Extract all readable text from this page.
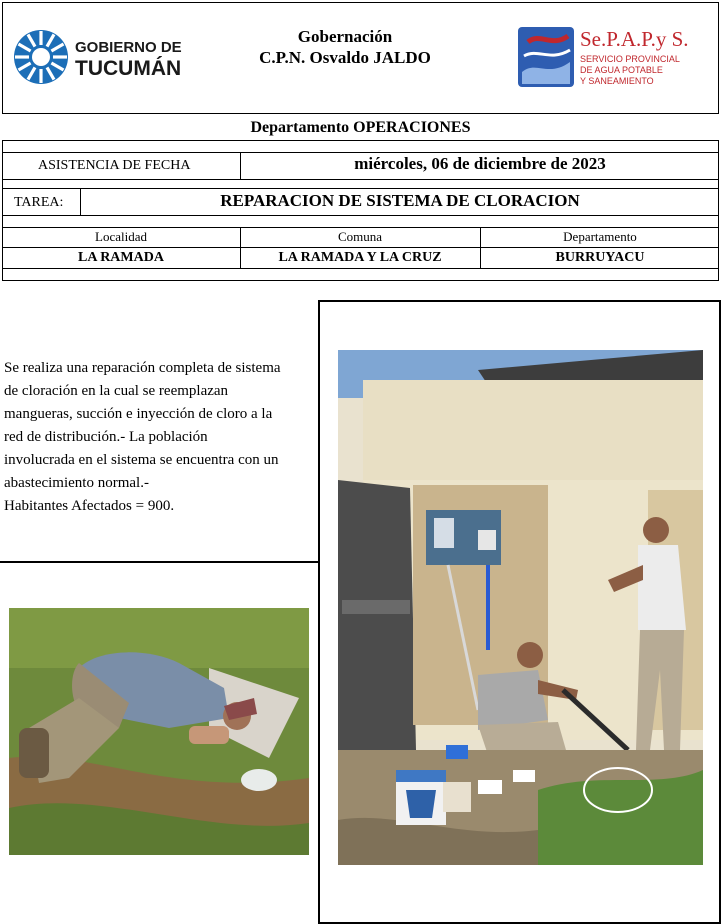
GOBIERNO DE
TUCUMÁN
Gobernación
C.P.N. Osvaldo JALDO
Se.P.A.P.y S.
SERVICIO PROVINCIAL
DE AGUA POTABLE
Y SANEAMIENTO
Departamento OPERACIONES
ASISTENCIA DE FECHA	miércoles, 06 de diciembre de 2023
TAREA:	REPARACION DE SISTEMA DE CLORACION
Localidad	Comuna	Departamento
LA RAMADA	LA RAMADA Y LA CRUZ	BURRUYACU
Se realiza una reparación completa de sistema
de cloración en la cual se reemplazan
mangueras, succión e inyección de cloro a la
red de distribución.- La población
involucrada en el sistema se encuentra con un
abastecimiento normal.-
Habitantes Afectados = 900.
